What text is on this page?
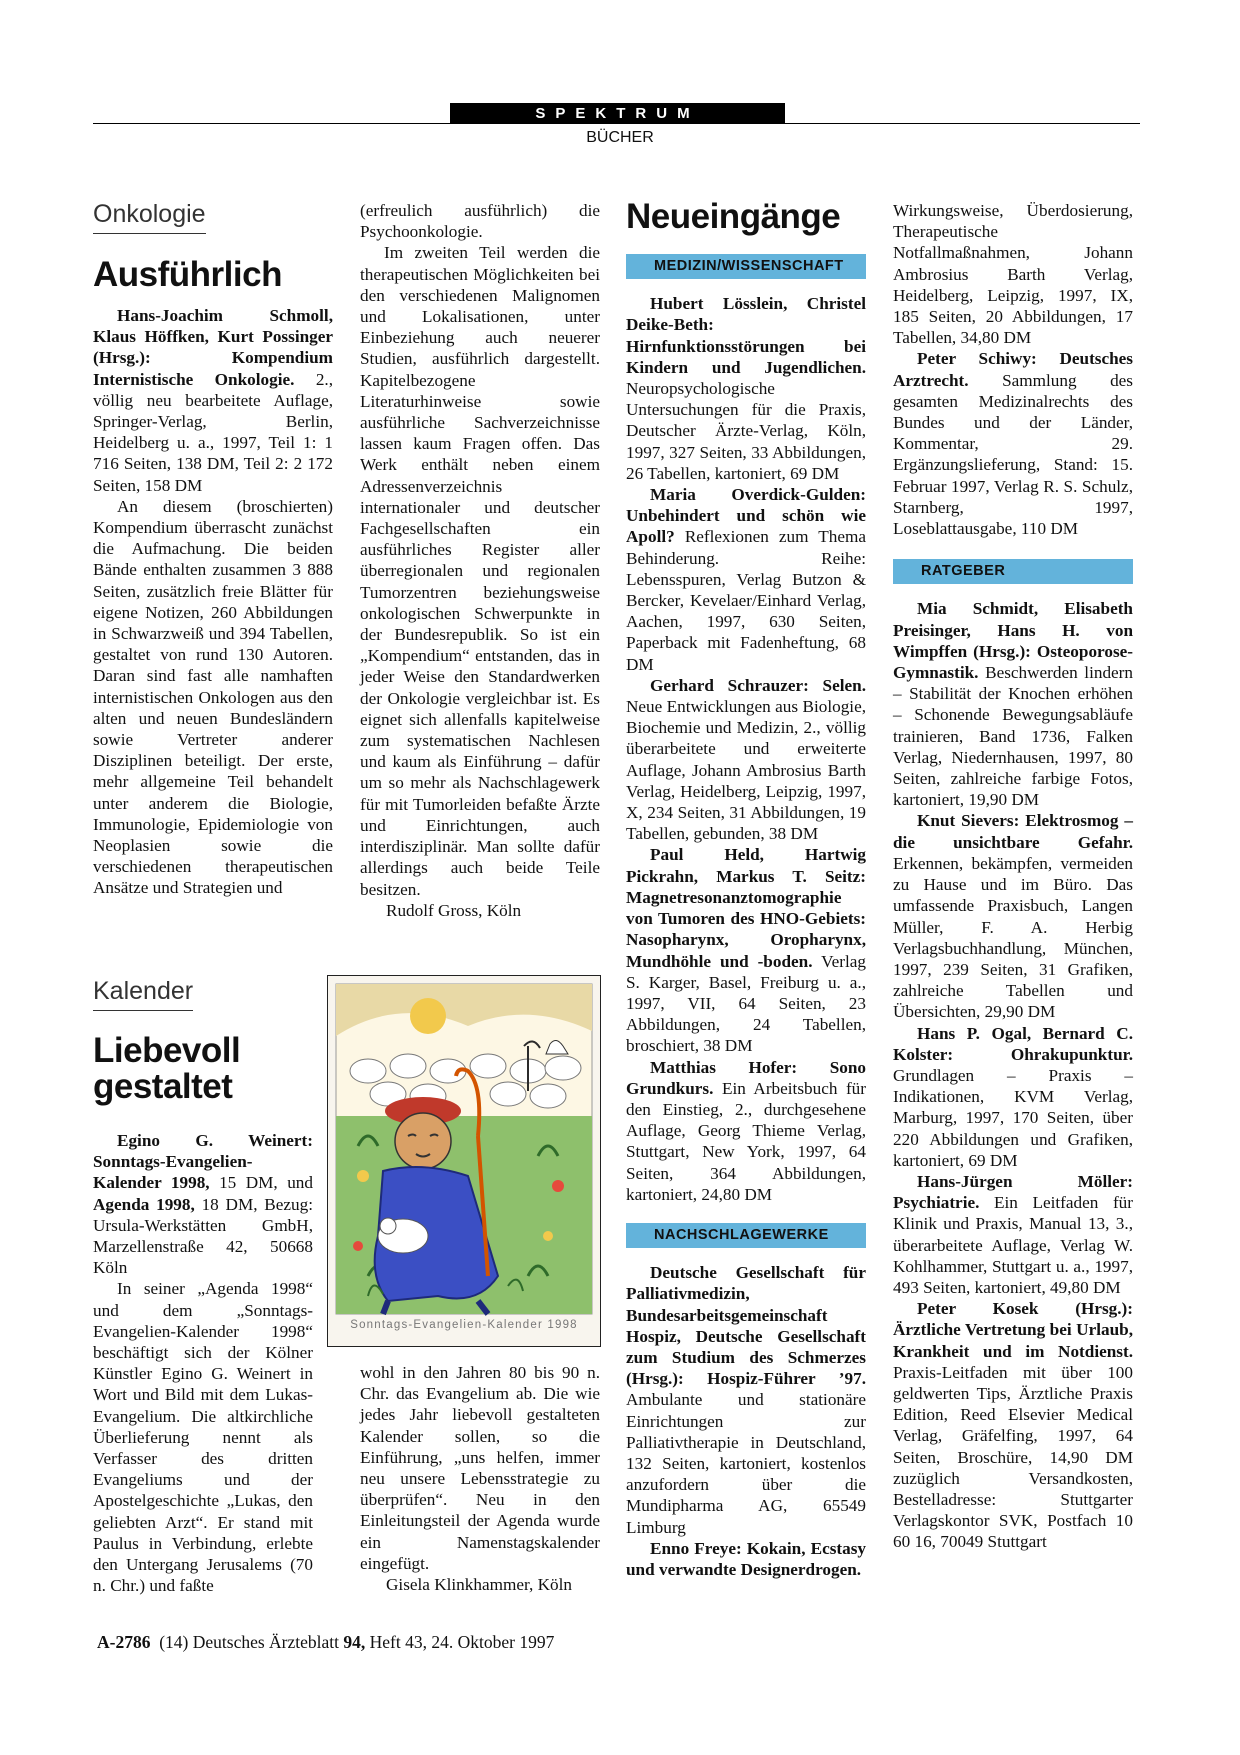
SPEKTRUM
BÜCHER
Onkologie
Ausführlich

Hans-Joachim Schmoll, Klaus Höffken, Kurt Possinger (Hrsg.): Kompendium Internistische Onkologie. 2., völlig neu bearbeitete Auflage, Springer-Verlag, Berlin, Heidelberg u. a., 1997, Teil 1: 1 716 Seiten, 138 DM, Teil 2: 2 172 Seiten, 158 DM

An diesem (broschierten) Kompendium überrascht zunächst die Aufmachung. Die beiden Bände enthalten zusammen 3 888 Seiten, zusätzlich freie Blätter für eigene Notizen, 260 Abbildungen in Schwarzweiß und 394 Tabellen, gestaltet von rund 130 Autoren. Daran sind fast alle namhaften internistischen Onkologen aus den alten und neuen Bundesländern sowie Vertreter anderer Disziplinen beteiligt. Der erste, mehr allgemeine Teil behandelt unter anderem die Biologie, Immunologie, Epidemiologie von Neoplasien sowie die verschiedenen therapeutischen Ansätze und Strategien und

(erfreulich ausführlich) die Psychoonkologie.

Im zweiten Teil werden die therapeutischen Möglichkeiten bei den verschiedenen Malignomen und Lokalisationen, unter Einbeziehung auch neuerer Studien, ausführlich dargestellt. Kapitelbezogene Literaturhinweise sowie ausführliche Sachverzeichnisse lassen kaum Fragen offen. Das Werk enthält neben einem Adressenverzeichnis internationaler und deutscher Fachgesellschaften ein ausführliches Register aller überregionalen und regionalen Tumorzentren beziehungsweise onkologischen Schwerpunkte in der Bundesrepublik. So ist ein „Kompendium“ entstanden, das in jeder Weise den Standardwerken der Onkologie vergleichbar ist. Es eignet sich allenfalls kapitelweise zum systematischen Nachlesen und kaum als Einführung – dafür um so mehr als Nachschlagewerk für mit Tumorleiden befaßte Ärzte und Einrichtungen, auch interdisziplinär. Man sollte dafür allerdings auch beide Teile besitzen.

Rudolf Gross, Köln

Kalender
Liebevoll gestaltet

Egino G. Weinert: Sonntags-Evangelien-Kalender 1998, 15 DM, und Agenda 1998, 18 DM, Bezug: Ursula-Werkstätten GmbH, Marzellenstraße 42, 50668 Köln

In seiner „Agenda 1998“ und dem „Sonntags-Evangelien-Kalender 1998“ beschäftigt sich der Kölner Künstler Egino G. Weinert in Wort und Bild mit dem Lukas-Evangelium. Die altkirchliche Überlieferung nennt als Verfasser des dritten Evangeliums und der Apostelgeschichte „Lukas, den geliebten Arzt“. Er stand mit Paulus in Verbindung, erlebte den Untergang Jerusalems (70 n. Chr.) und faßte

Sonntags-Evangelien-Kalender 1998

wohl in den Jahren 80 bis 90 n. Chr. das Evangelium ab. Die wie jedes Jahr liebevoll gestalteten Kalender sollen, so die Einführung, „uns helfen, immer neu unsere Lebensstrategie zu überprüfen“. Neu in den Einleitungsteil der Agenda wurde ein Namenstagskalender eingefügt.

Gisela Klinkhammer, Köln

Neueingänge
MEDIZIN/WISSENSCHAFT

Hubert Lösslein, Christel Deike-Beth: Hirnfunktionsstörungen bei Kindern und Jugendlichen. Neuropsychologische Untersuchungen für die Praxis, Deutscher Ärzte-Verlag, Köln, 1997, 327 Seiten, 33 Abbildungen, 26 Tabellen, kartoniert, 69 DM

Maria Overdick-Gulden: Unbehindert und schön wie Apoll? Reflexionen zum Thema Behinderung. Reihe: Lebensspuren, Verlag Butzon & Bercker, Kevelaer/Einhard Verlag, Aachen, 1997, 630 Seiten, Paperback mit Fadenheftung, 68 DM

Gerhard Schrauzer: Selen. Neue Entwicklungen aus Biologie, Biochemie und Medizin, 2., völlig überarbeitete und erweiterte Auflage, Johann Ambrosius Barth Verlag, Heidelberg, Leipzig, 1997, X, 234 Seiten, 31 Abbildungen, 19 Tabellen, gebunden, 38 DM

Paul Held, Hartwig Pickrahn, Markus T. Seitz: Magnetresonanztomographie von Tumoren des HNO-Gebiets: Nasopharynx, Oropharynx, Mundhöhle und -boden. Verlag S. Karger, Basel, Freiburg u. a., 1997, VII, 64 Seiten, 23 Abbildungen, 24 Tabellen, broschiert, 38 DM

Matthias Hofer: Sono Grundkurs. Ein Arbeitsbuch für den Einstieg, 2., durchgesehene Auflage, Georg Thieme Verlag, Stuttgart, New York, 1997, 64 Seiten, 364 Abbildungen, kartoniert, 24,80 DM

NACHSCHLAGEWERKE

Deutsche Gesellschaft für Palliativmedizin, Bundesarbeitsgemeinschaft Hospiz, Deutsche Gesellschaft zum Studium des Schmerzes (Hrsg.): Hospiz-Führer ’97. Ambulante und stationäre Einrichtungen zur Palliativtherapie in Deutschland, 132 Seiten, kartoniert, kostenlos anzufordern über die Mundipharma AG, 65549 Limburg

Enno Freye: Kokain, Ecstasy und verwandte Designerdrogen.

Wirkungsweise, Überdosierung, Therapeutische Notfallmaßnahmen, Johann Ambrosius Barth Verlag, Heidelberg, Leipzig, 1997, IX, 185 Seiten, 20 Abbildungen, 17 Tabellen, 34,80 DM

Peter Schiwy: Deutsches Arztrecht. Sammlung des gesamten Medizinalrechts des Bundes und der Länder, Kommentar, 29. Ergänzungslieferung, Stand: 15. Februar 1997, Verlag R. S. Schulz, Starnberg, 1997, Loseblattausgabe, 110 DM

RATGEBER

Mia Schmidt, Elisabeth Preisinger, Hans H. von Wimpffen (Hrsg.): Osteoporose-Gymnastik. Beschwerden lindern – Stabilität der Knochen erhöhen – Schonende Bewegungsabläufe trainieren, Band 1736, Falken Verlag, Niedernhausen, 1997, 80 Seiten, zahlreiche farbige Fotos, kartoniert, 19,90 DM

Knut Sievers: Elektrosmog – die unsichtbare Gefahr. Erkennen, bekämpfen, vermeiden zu Hause und im Büro. Das umfassende Praxisbuch, Langen Müller, F. A. Herbig Verlagsbuchhandlung, München, 1997, 239 Seiten, 31 Grafiken, zahlreiche Tabellen und Übersichten, 29,90 DM

Hans P. Ogal, Bernard C. Kolster: Ohrakupunktur. Grundlagen – Praxis – Indikationen, KVM Verlag, Marburg, 1997, 170 Seiten, über 220 Abbildungen und Grafiken, kartoniert, 69 DM

Hans-Jürgen Möller: Psychiatrie. Ein Leitfaden für Klinik und Praxis, Manual 13, 3., überarbeitete Auflage, Verlag W. Kohlhammer, Stuttgart u. a., 1997, 493 Seiten, kartoniert, 49,80 DM

Peter Kosek (Hrsg.): Ärztliche Vertretung bei Urlaub, Krankheit und im Notdienst. Praxis-Leitfaden mit über 100 geldwerten Tips, Ärztliche Praxis Edition, Reed Elsevier Medical Verlag, Gräfelfing, 1997, 64 Seiten, Broschüre, 14,90 DM zuzüglich Versandkosten, Bestelladresse: Stuttgarter Verlagskontor SVK, Postfach 10 60 16, 70049 Stuttgart

A-2786 (14) Deutsches Ärzteblatt 94, Heft 43, 24. Oktober 1997
